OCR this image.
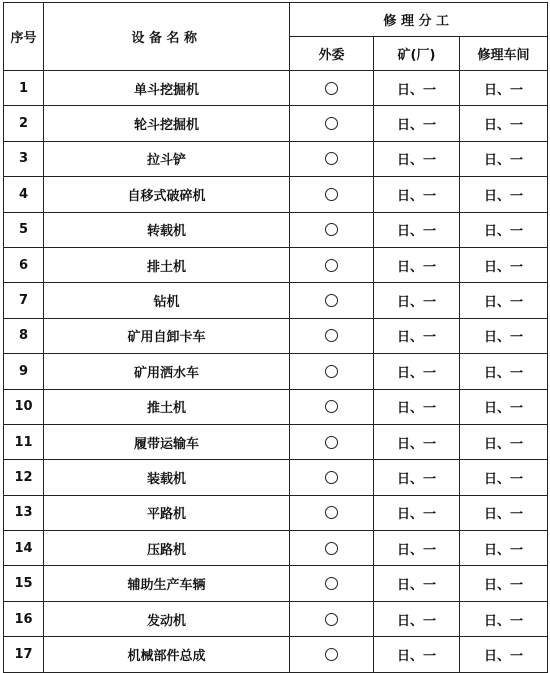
序号	设备名称	修理分工		
		外委	矿(厂)	修理车间
1	单斗挖掘机		日、一	日、一
2	轮斗挖掘机		日、一	日、一
3	拉斗铲		日、一	日、一
4	自移式破碎机		日、一	日、一
5	转载机		日、一	日、一
6	排土机		日、一	日、一
7	钻机		日、一	日、一
8	矿用自卸卡车		日、一	日、一
9	矿用洒水车		日、一	日、一
10	推土机		日、一	日、一
11	履带运输车		日、一	日、一
12	装载机		日、一	日、一
13	平路机		日、一	日、一
14	压路机		日、一	日、一
15	辅助生产车辆		日、一	日、一
16	发动机		日、一	日、一
17	机械部件总成		日、一	日、一
